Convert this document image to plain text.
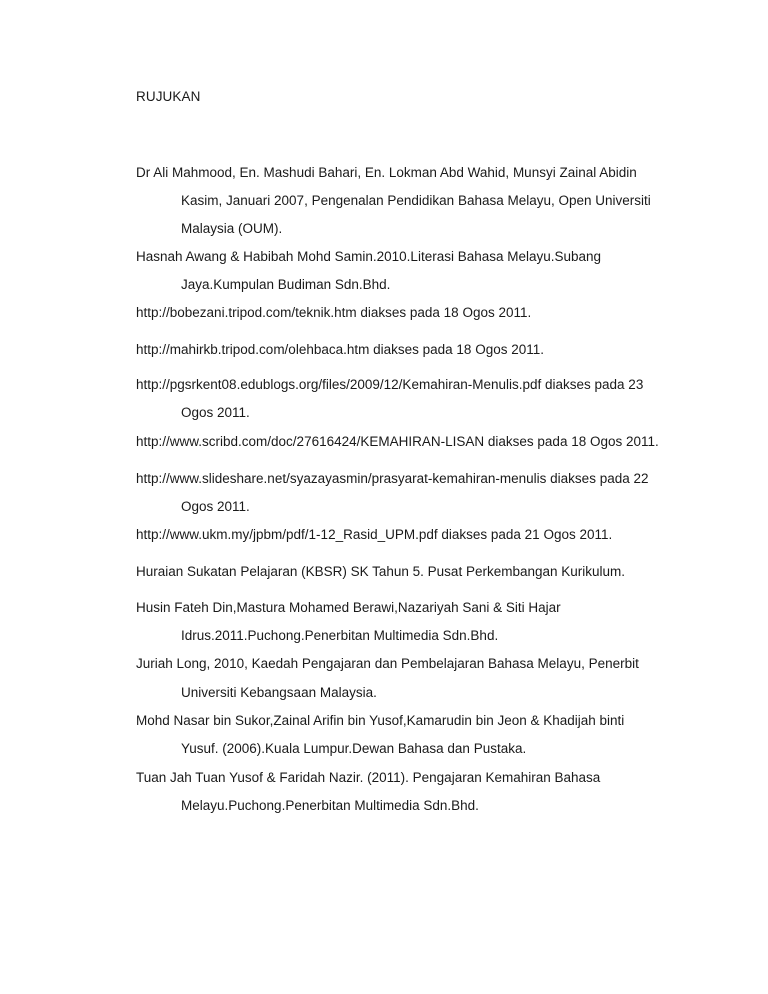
RUJUKAN
Dr Ali Mahmood, En. Mashudi Bahari, En. Lokman Abd Wahid, Munsyi Zainal Abidin
Kasim, Januari 2007, Pengenalan Pendidikan Bahasa Melayu, Open Universiti
Malaysia (OUM).
Hasnah Awang & Habibah Mohd Samin.2010.Literasi Bahasa Melayu.Subang
Jaya.Kumpulan Budiman Sdn.Bhd.
http://bobezani.tripod.com/teknik.htm diakses pada 18 Ogos 2011.
http://mahirkb.tripod.com/olehbaca.htm diakses pada 18 Ogos 2011.
http://pgsrkent08.edublogs.org/files/2009/12/Kemahiran-Menulis.pdf diakses pada 23
Ogos 2011.
http://www.scribd.com/doc/27616424/KEMAHIRAN-LISAN diakses pada 18 Ogos 2011.
http://www.slideshare.net/syazayasmin/prasyarat-kemahiran-menulis diakses pada 22
Ogos 2011.
http://www.ukm.my/jpbm/pdf/1-12_Rasid_UPM.pdf diakses pada 21 Ogos 2011.
Huraian Sukatan Pelajaran (KBSR) SK Tahun 5. Pusat Perkembangan Kurikulum.
Husin Fateh Din,Mastura Mohamed Berawi,Nazariyah Sani & Siti Hajar
Idrus.2011.Puchong.Penerbitan Multimedia Sdn.Bhd.
Juriah Long, 2010, Kaedah Pengajaran dan Pembelajaran Bahasa Melayu, Penerbit
Universiti Kebangsaan Malaysia.
Mohd Nasar bin Sukor,Zainal Arifin bin Yusof,Kamarudin bin Jeon & Khadijah binti
Yusuf. (2006).Kuala Lumpur.Dewan Bahasa dan Pustaka.
Tuan Jah Tuan Yusof & Faridah Nazir. (2011). Pengajaran Kemahiran Bahasa
Melayu.Puchong.Penerbitan Multimedia Sdn.Bhd.
